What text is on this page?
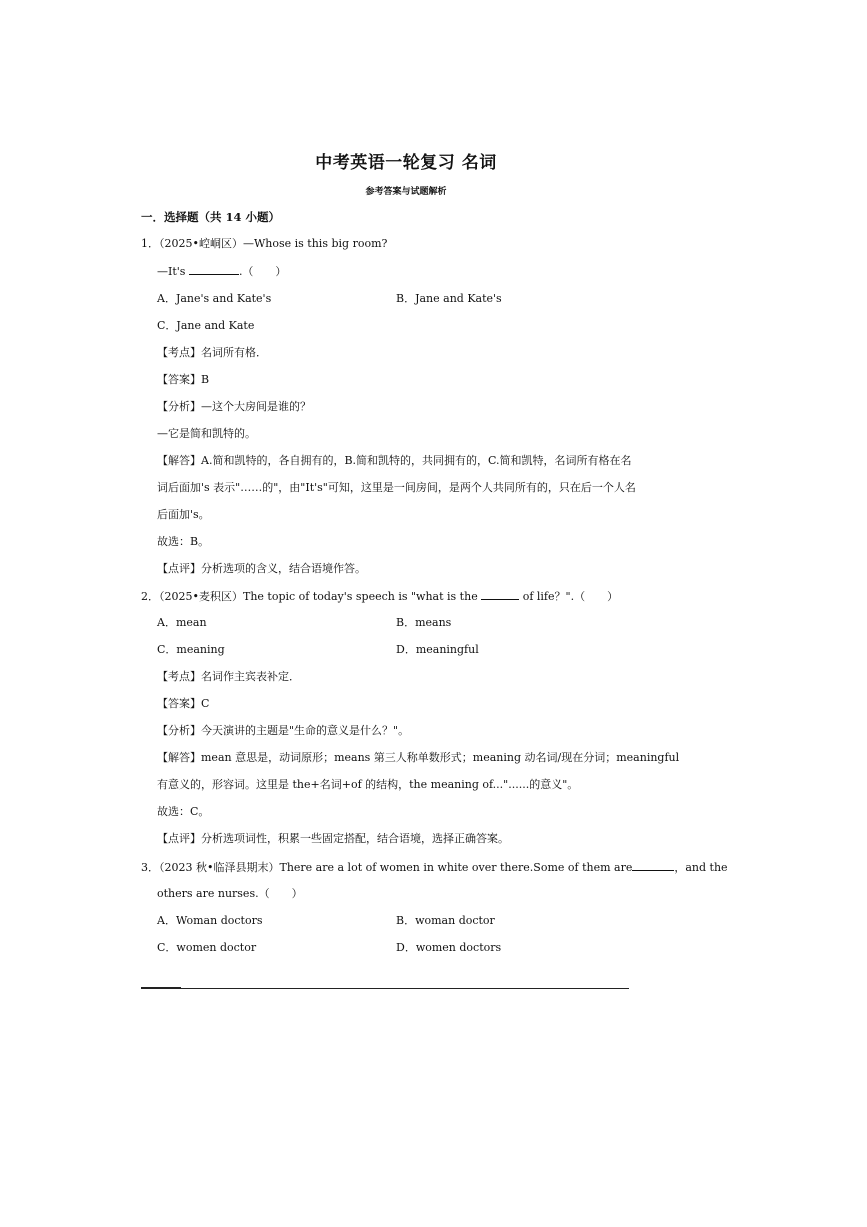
中考英语一轮复习 名词
参考答案与试题解析
一．选择题（共 14 小题）
1．（2025•崆峒区）—Whose is this big room?
—It's	.（　　）
A．Jane's and Kate's	B．Jane and Kate's
C．Jane and Kate
【考点】名词所有格．
【答案】B
【分析】—这个大房间是谁的？
—它是简和凯特的。
【解答】A.简和凯特的，各自拥有的，B.简和凯特的，共同拥有的，C.简和凯特，名词所有格在名
词后面加's 表示"……的"，由"It's"可知，这里是一间房间，是两个人共同所有的，只在后一个人名
后面加's。
故选：B。
【点评】分析选项的含义，结合语境作答。
2．（2025•麦积区）The topic of today's speech is "what is the	of life？".（　　）
A．mean	B．means
C．meaning	D．meaningful
【考点】名词作主宾表补定．
【答案】C
【分析】今天演讲的主题是"生命的意义是什么？"。
【解答】mean 意思是，动词原形；means 第三人称单数形式；meaning 动名词/现在分词；meaningful
有意义的，形容词。这里是 the+名词+of 的结构，the meaning of..."......的意义"。
故选：C。
【点评】分析选项词性，积累一些固定搭配，结合语境，选择正确答案。
3．（2023 秋•临泽县期末）There are a lot of women in white over there.Some of them are	，and the
others are nurses.（　　）
A．Woman doctors	B．woman doctor
C．women doctor	D．women doctors
